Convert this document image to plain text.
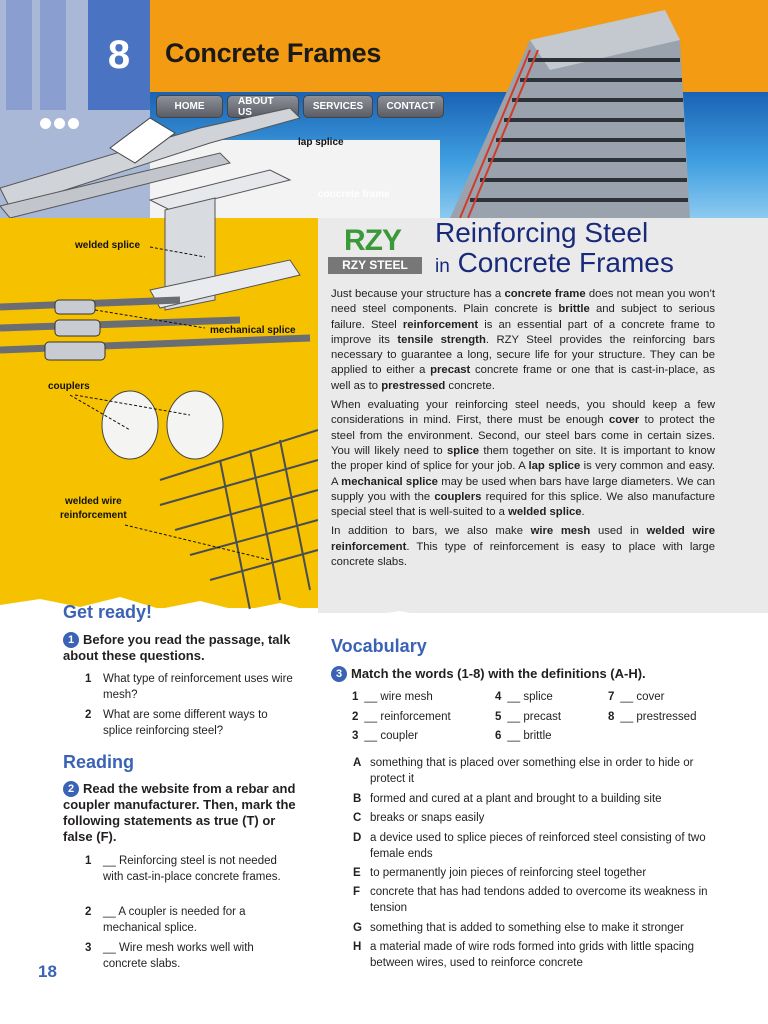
8	Concrete Frames
HOME	ABOUT US	SERVICES	CONTACT
lap splice
concrete frame
welded splice
mechanical splice
couplers
welded wire
reinforcement
RZY
RZY STEEL
Reinforcing Steel
in Concrete Frames

Just because your structure has a concrete frame does not mean you won’t need steel components. Plain concrete is brittle and subject to serious failure. Steel reinforcement is an essential part of a concrete frame to improve its tensile strength. RZY Steel provides the reinforcing bars necessary to guarantee a long, secure life for your structure. They can be applied to either a precast concrete frame or one that is cast-in-place, as well as to prestressed concrete.

When evaluating your reinforcing steel needs, you should keep a few considerations in mind. First, there must be enough cover to protect the steel from the environment. Second, our steel bars come in certain sizes. You will likely need to splice them together on site. It is important to know the proper kind of splice for your job. A lap splice is very common and easy. A mechanical splice may be used when bars have large diameters. We can supply you with the couplers required for this splice. We also manufacture special steel that is well-suited to a welded splice.

In addition to bars, we also make wire mesh used in welded wire reinforcement. This type of reinforcement is easy to place with large concrete slabs.

Get ready!
1 Before you read the passage, talk about these questions.
1 What type of reinforcement uses wire mesh?
2 What are some different ways to splice reinforcing steel?
Reading
2 Read the website from a rebar and coupler manufacturer. Then, mark the following statements as true (T) or false (F).
1 __ Reinforcing steel is not needed with cast-in-place concrete frames.
2 __ A coupler is needed for a mechanical splice.
3 __ Wire mesh works well with concrete slabs.
Vocabulary
3 Match the words (1-8) with the definitions (A-H).
1 __ wire mesh
2 __ reinforcement
3 __ coupler
4 __ splice
5 __ precast
6 __ brittle
7 __ cover
8 __ prestressed
A something that is placed over something else in order to hide or protect it
B formed and cured at a plant and brought to a building site
C breaks or snaps easily
D a device used to splice pieces of reinforced steel consisting of two female ends
E to permanently join pieces of reinforcing steel together
F concrete that has had tendons added to overcome its weakness in tension
G something that is added to something else to make it stronger
H a material made of wire rods formed into grids with little spacing between wires, used to reinforce concrete
18
